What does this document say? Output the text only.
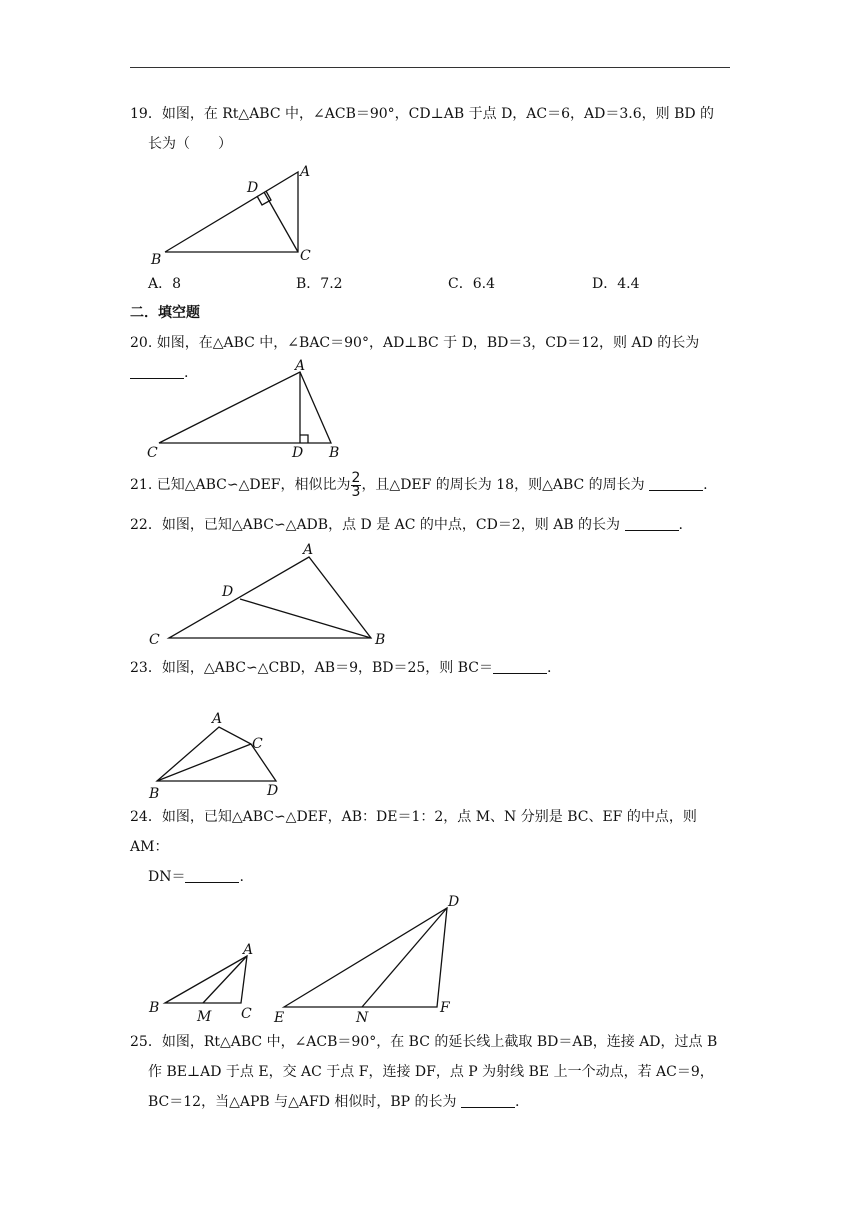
19．如图，在 Rt△ABC 中，∠ACB＝90°，CD⊥AB 于点 D，AC＝6，AD＝3.6，则 BD 的
长为（　　）
D
A
B	C
A．8	B．7.2	C．6.4	D．4.4
二．填空题
20. 如图，在△ABC 中，∠BAC＝90°，AD⊥BC 于 D，BD＝3，CD＝12，则 AD 的长为 .	A
C	D B
21. 已知△ABC∽△DEF，相似比为 $\frac{2}{3}$ ，且△DEF 的周长为 18，则△ABC 的周长为	.
22．如图，已知△ABC∽△ADB，点 D 是 AC 的中点，CD＝2，则 AB 的长为	.
A
D
C	B
23．如图，△ABC∽△CBD，AB＝9，BD＝25，则 BC＝	.
A
C
B	D
24．如图，已知△ABC∽△DEF，AB：DE＝1：2，点 M、N 分别是 BC、EF 的中点，则 AM：
DN＝	.
A
B
M C
D
E	N
F
25．如图，Rt△ABC 中，∠ACB＝90°，在 BC 的延长线上截取 BD＝AB，连接 AD，过点 B
作 BE⊥AD 于点 E，交 AC 于点 F，连接 DF，点 P 为射线 BE 上一个动点，若 AC＝9，
BC＝12，当△APB 与△AFD 相似时，BP 的长为	.
